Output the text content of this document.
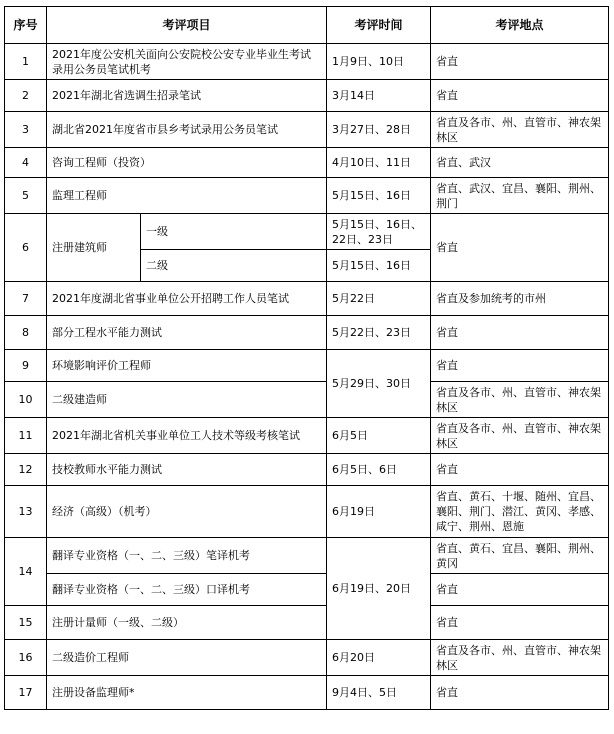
序号	考评项目		考评时间	考评地点
1	2021年度公安机关面向公安院校公安专业毕业生考试录用公务员笔试机考		1月9日、10日	省直
2	2021年湖北省选调生招录笔试		3月14日	省直
3	湖北省2021年度省市县乡考试录用公务员笔试		3月27日、28日	省直及各市、州、直管市、神农架林区
4	咨询工程师（投资）		4月10日、11日	省直、武汉
5	监理工程师		5月15日、16日	省直、武汉、宜昌、襄阳、荆州、荆门
6	注册建筑师	一级	5月15日、16日、22日、23日	省直
		二级	5月15日、16日	
7	2021年度湖北省事业单位公开招聘工作人员笔试		5月22日	省直及参加统考的市州
8	部分工程水平能力测试		5月22日、23日	省直
9	环境影响评价工程师		5月29日、30日	省直
10	二级建造师			省直及各市、州、直管市、神农架林区
11	2021年湖北省机关事业单位工人技术等级考核笔试		6月5日	省直及各市、州、直管市、神农架林区
12	技校教师水平能力测试		6月5日、6日	省直
13	经济（高级）（机考）		6月19日	省直、黄石、十堰、随州、宜昌、襄阳、荆门、潜江、黄冈、孝感、咸宁、荆州、恩施
14	翻译专业资格（一、二、三级）笔译机考		6月19日、20日	省直、黄石、宜昌、襄阳、荆州、黄冈
	翻译专业资格（一、二、三级）口译机考			省直
15	注册计量师（一级、二级）			省直
16	二级造价工程师		6月20日	省直及各市、州、直管市、神农架林区
17	注册设备监理师*		9月4日、5日	省直
